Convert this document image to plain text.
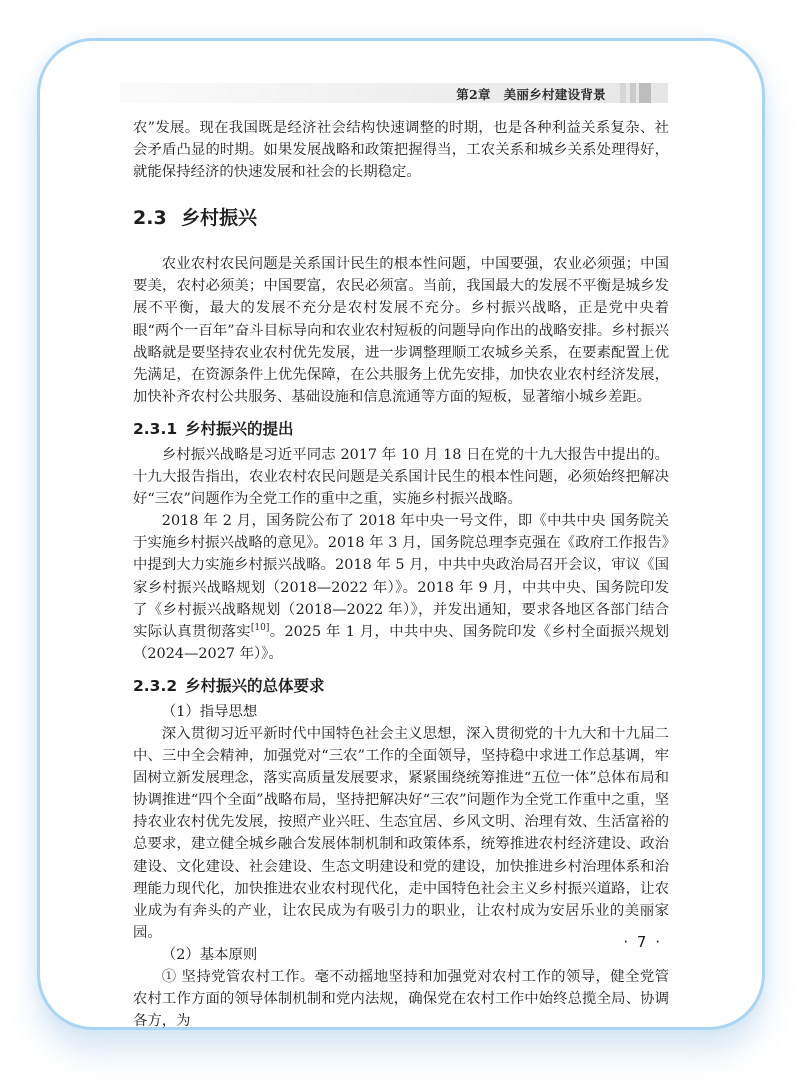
第2章　美丽乡村建设背景

农”发展。现在我国既是经济社会结构快速调整的时期，也是各种利益关系复杂、社会矛盾凸显的时期。如果发展战略和政策把握得当，工农关系和城乡关系处理得好，就能保持经济的快速发展和社会的长期稳定。

2.3 乡村振兴

农业农村农民问题是关系国计民生的根本性问题，中国要强，农业必须强；中国要美，农村必须美；中国要富，农民必须富。当前，我国最大的发展不平衡是城乡发展不平衡，最大的发展不充分是农村发展不充分。乡村振兴战略，正是党中央着眼“两个一百年”奋斗目标导向和农业农村短板的问题导向作出的战略安排。乡村振兴战略就是要坚持农业农村优先发展，进一步调整理顺工农城乡关系，在要素配置上优先满足，在资源条件上优先保障，在公共服务上优先安排，加快农业农村经济发展，加快补齐农村公共服务、基础设施和信息流通等方面的短板，显著缩小城乡差距。

2.3.1 乡村振兴的提出

乡村振兴战略是习近平同志 2017 年 10 月 18 日在党的十九大报告中提出的。十九大报告指出，农业农村农民问题是关系国计民生的根本性问题，必须始终把解决好“三农”问题作为全党工作的重中之重，实施乡村振兴战略。

2018 年 2 月，国务院公布了 2018 年中央一号文件，即《中共中央 国务院关于实施乡村振兴战略的意见》。2018 年 3 月，国务院总理李克强在《政府工作报告》中提到大力实施乡村振兴战略。2018 年 5 月，中共中央政治局召开会议，审议《国家乡村振兴战略规划（2018—2022 年）》。2018 年 9 月，中共中央、国务院印发了《乡村振兴战略规划（2018—2022 年）》，并发出通知，要求各地区各部门结合实际认真贯彻落实[10]。2025 年 1 月，中共中央、国务院印发《乡村全面振兴规划（2024—2027 年）》。

2.3.2 乡村振兴的总体要求

（1）指导思想

深入贯彻习近平新时代中国特色社会主义思想，深入贯彻党的十九大和十九届二中、三中全会精神，加强党对“三农”工作的全面领导，坚持稳中求进工作总基调，牢固树立新发展理念，落实高质量发展要求，紧紧围绕统筹推进“五位一体”总体布局和协调推进“四个全面”战略布局，坚持把解决好“三农”问题作为全党工作重中之重，坚持农业农村优先发展，按照产业兴旺、生态宜居、乡风文明、治理有效、生活富裕的总要求，建立健全城乡融合发展体制机制和政策体系，统筹推进农村经济建设、政治建设、文化建设、社会建设、生态文明建设和党的建设，加快推进乡村治理体系和治理能力现代化，加快推进农业农村现代化，走中国特色社会主义乡村振兴道路，让农业成为有奔头的产业，让农民成为有吸引力的职业，让农村成为安居乐业的美丽家园。

（2）基本原则

① 坚持党管农村工作。毫不动摇地坚持和加强党对农村工作的领导，健全党管农村工作方面的领导体制机制和党内法规，确保党在农村工作中始终总揽全局、协调各方，为

· 7 ·
